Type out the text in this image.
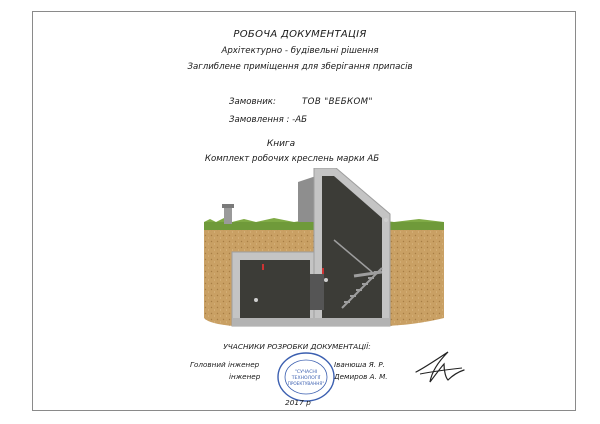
РОБОЧА ДОКУМЕНТАЦІЯ
Архітектурно - будівельні рішення
Заглиблене приміщення для зберігання припасів
Замовник:	ТОВ "ВЕБКОМ"
Замовлення : -АБ
Книга
Комплект робочих креслень марки АБ
УЧАСНИКИ РОЗРОБКИ ДОКУМЕНТАЦІЇ:
Головний інженер	Іванюша Я. Р.
інженер	Демиров А. М.
"СУЧАСНІ
ТЕХНОЛОГІЇ
ПРОЕКТУВАННЯ"
2017 р
